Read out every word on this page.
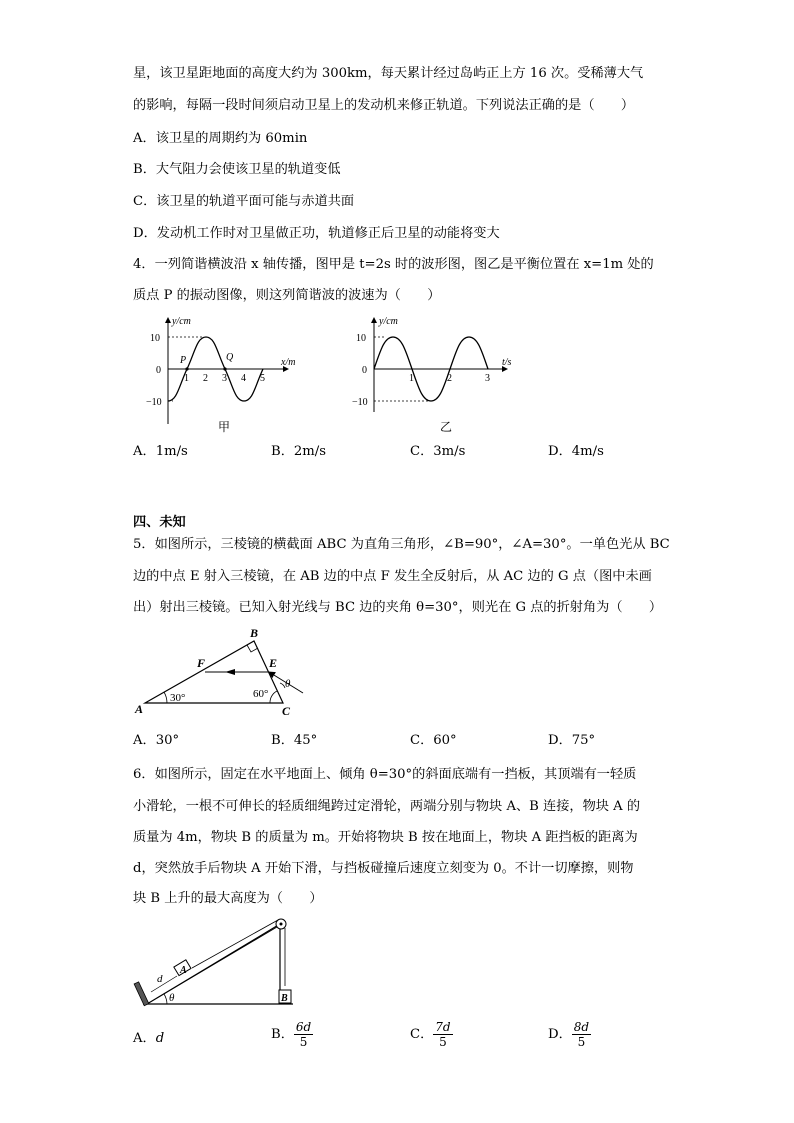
星，该卫星距地面的高度大约为 300km，每天累计经过岛屿正上方 16 次。受稀薄大气
的影响，每隔一段时间须启动卫星上的发动机来修正轨道。下列说法正确的是（　　）
A．该卫星的周期约为 60min
B．大气阻力会使该卫星的轨道变低
C．该卫星的轨道平面可能与赤道共面
D．发动机工作时对卫星做正功，轨道修正后卫星的动能将变大
4．一列简谐横波沿 x 轴传播，图甲是 t=2s 时的波形图，图乙是平衡位置在 x=1m 处的
质点 P 的振动图像，则这列简谐波的波速为（　　）
y/cm
x/m
10
0
−10
1 2 3 4 5
P	Q
甲
y/cm
t/s
10
0
−10
1	2	3
乙
A．1m/s	B．2m/s	C．3m/s	D．4m/s
四、未知
5．如图所示，三棱镜的横截面 ABC 为直角三角形，∠B=90°，∠A=30°。一单色光从 BC
边的中点 E 射入三棱镜，在 AB 边的中点 F 发生全反射后，从 AC 边的 G 点（图中未画
出）射出三棱镜。已知入射光线与 BC 边的夹角 θ=30°，则光在 G 点的折射角为（　　）
A
B
C
E
F
30°	60°
θ
A．30°	B．45°	C．60°	D．75°
6．如图所示，固定在水平地面上、倾角 θ=30°的斜面底端有一挡板，其顶端有一轻质
小滑轮，一根不可伸长的轻质细绳跨过定滑轮，两端分别与物块 A、B 连接，物块 A 的
质量为 4m，物块 B 的质量为 m。开始将物块 B 按在地面上，物块 A 距挡板的距离为
d，突然放手后物块 A 开始下滑，与挡板碰撞后速度立刻变为 0。不计一切摩擦，则物
块 B 上升的最大高度为（　　）
d
A
θ	B
A．d	B． $\frac{6d}{5}$	C． $\frac{7d}{5}$	D． $\frac{8d}{5}$
